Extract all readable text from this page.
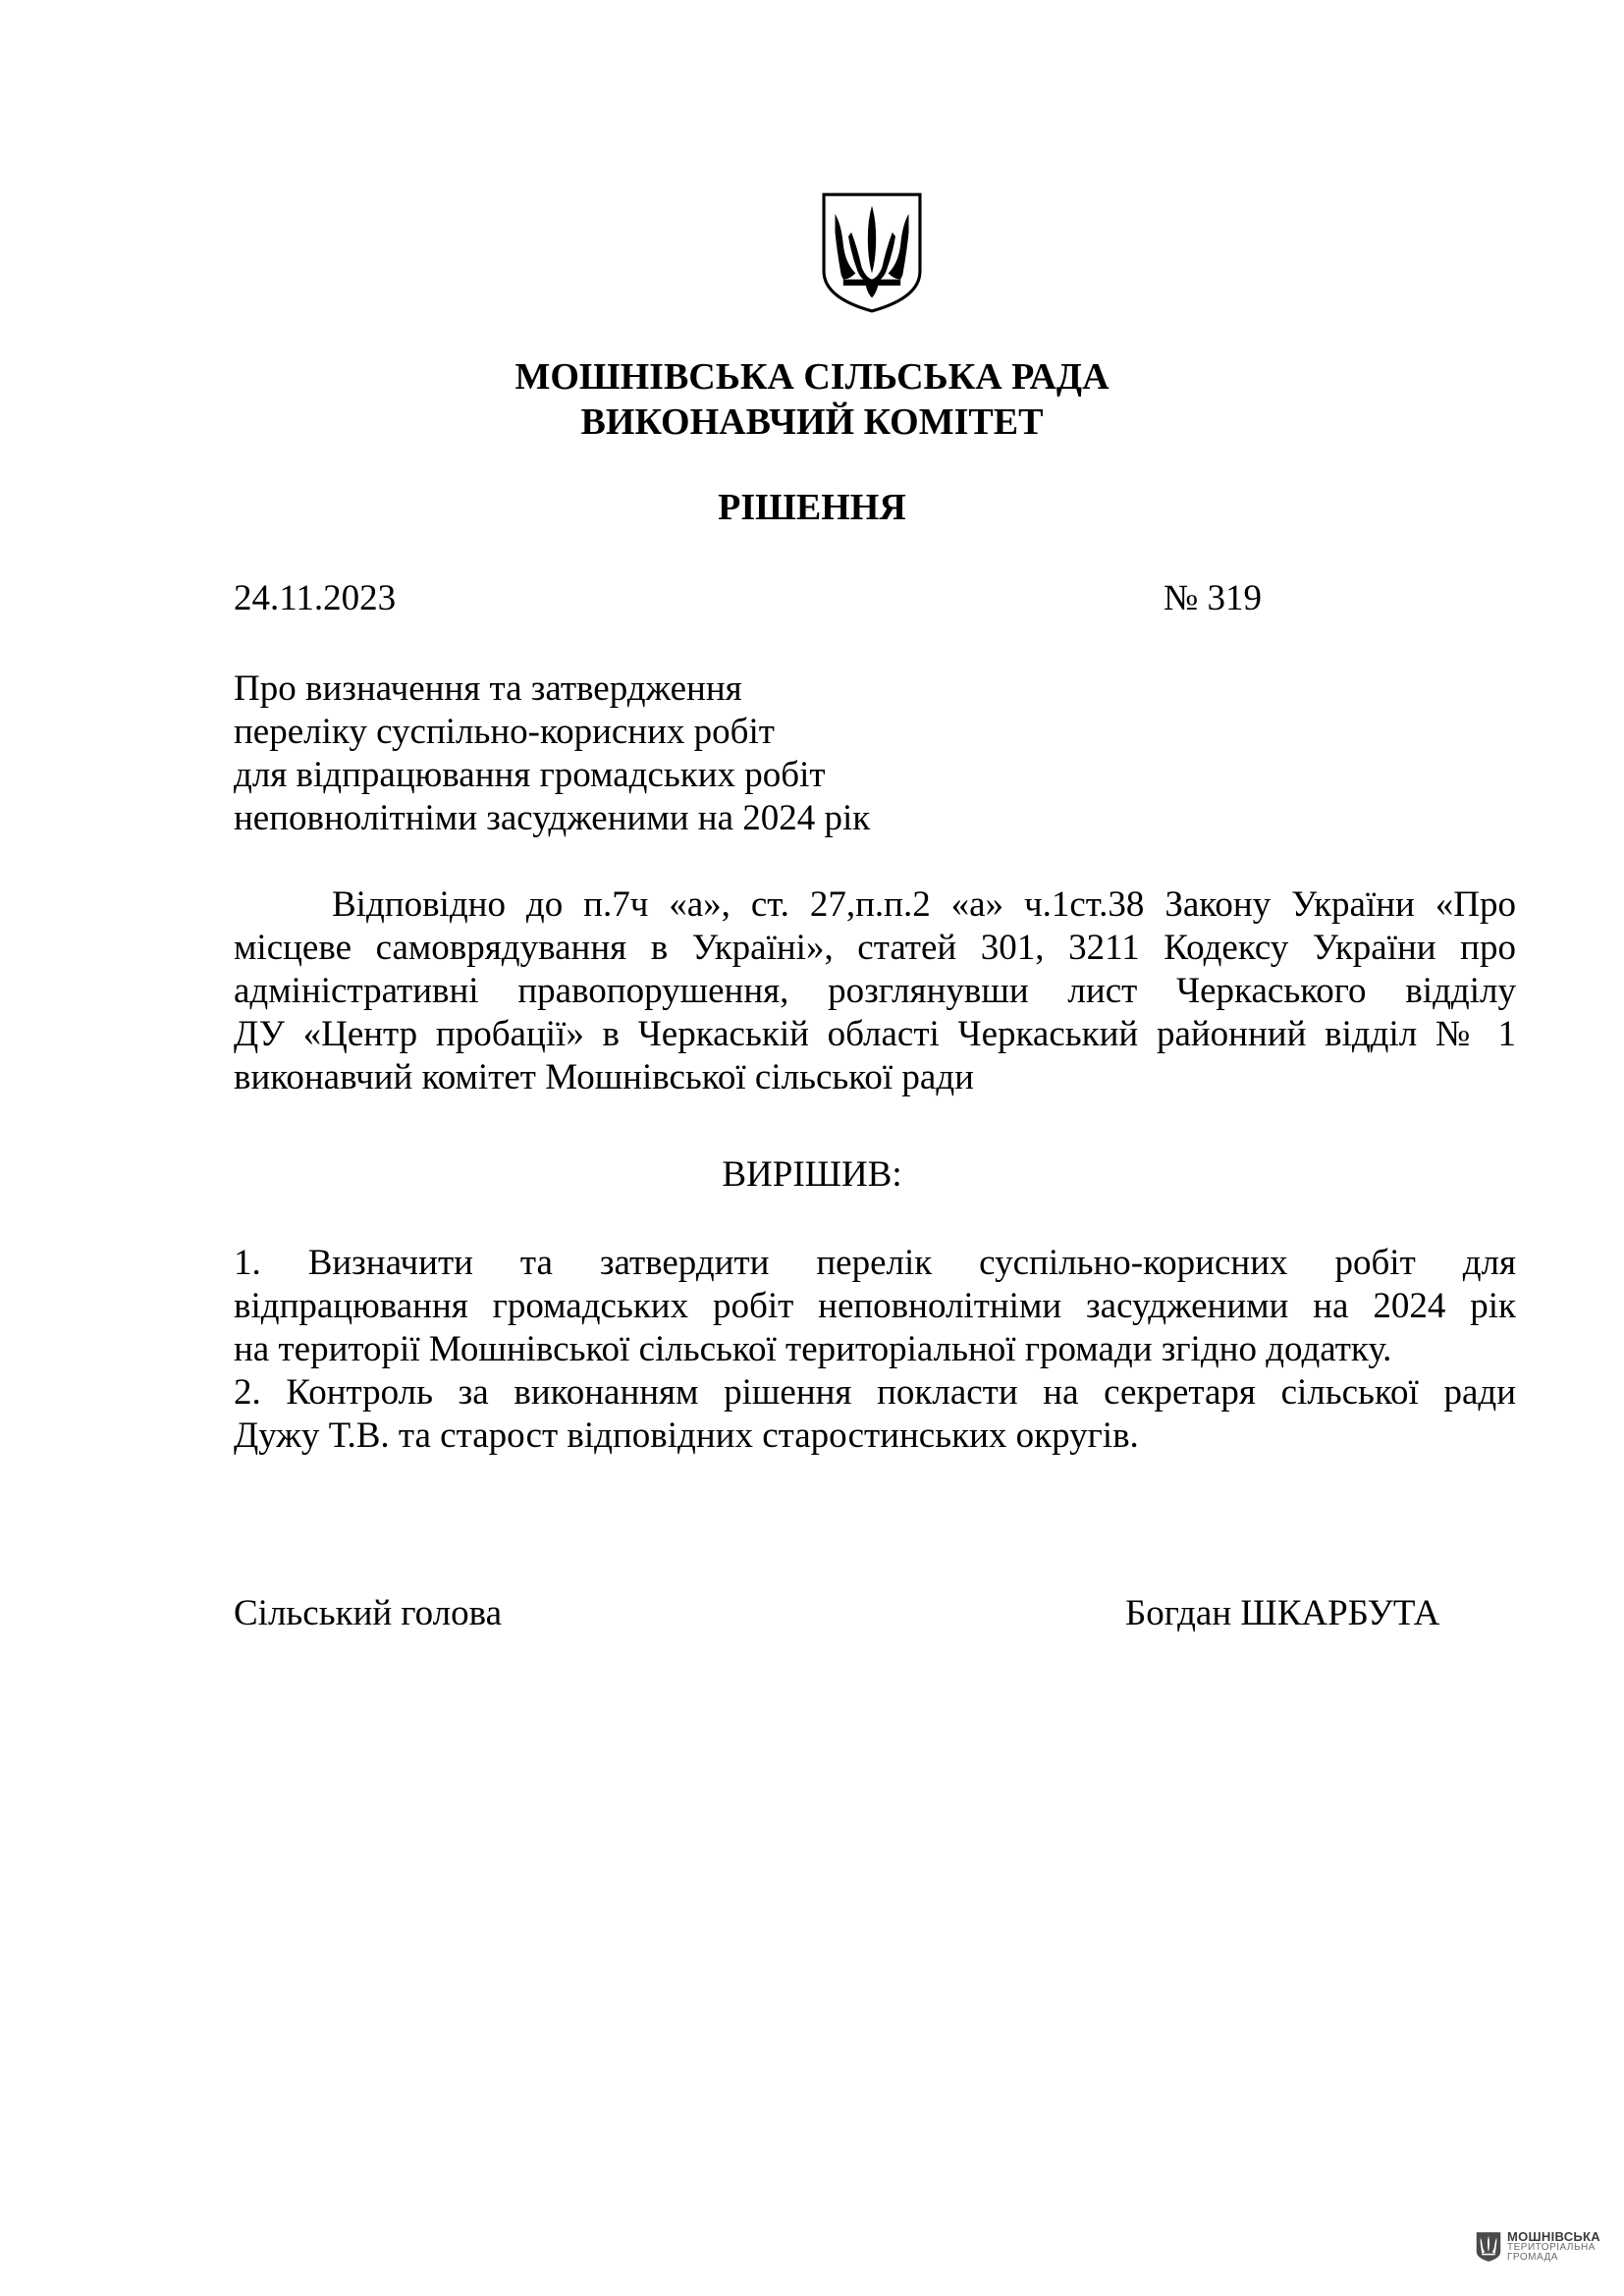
МОШНІВСЬКА СІЛЬСЬКА РАДА
ВИКОНАВЧИЙ КОМІТЕТ
РІШЕННЯ
24.11.2023	№ 319
Про визначення та затвердження
переліку суспільно-корисних робіт
для відпрацювання громадських робіт
неповнолітніми засудженими на 2024 рік
Відповідно до п.7ч «а», ст. 27,п.п.2 «а» ч.1ст.38 Закону України «Про
місцеве самоврядування в Україні», статей 301, 3211 Кодексу України про
адміністративні правопорушення, розглянувши лист Черкаського відділу
ДУ «Центр пробації» в Черкаській області Черкаський районний відділ № 1
виконавчий комітет Мошнівської сільської ради
ВИРІШИВ:
1. Визначити та затвердити перелік суспільно-корисних робіт для
відпрацювання громадських робіт неповнолітніми засудженими на 2024 рік
на території Мошнівської сільської територіальної громади згідно додатку.
2. Контроль за виконанням рішення покласти на секретаря сільської ради
Дужу Т.В. та старост відповідних старостинських округів.
Сільський голова	Богдан ШКАРБУТА
МОШНІВСЬКА
ТЕРИТОРІАЛЬНА
ГРОМАДА
